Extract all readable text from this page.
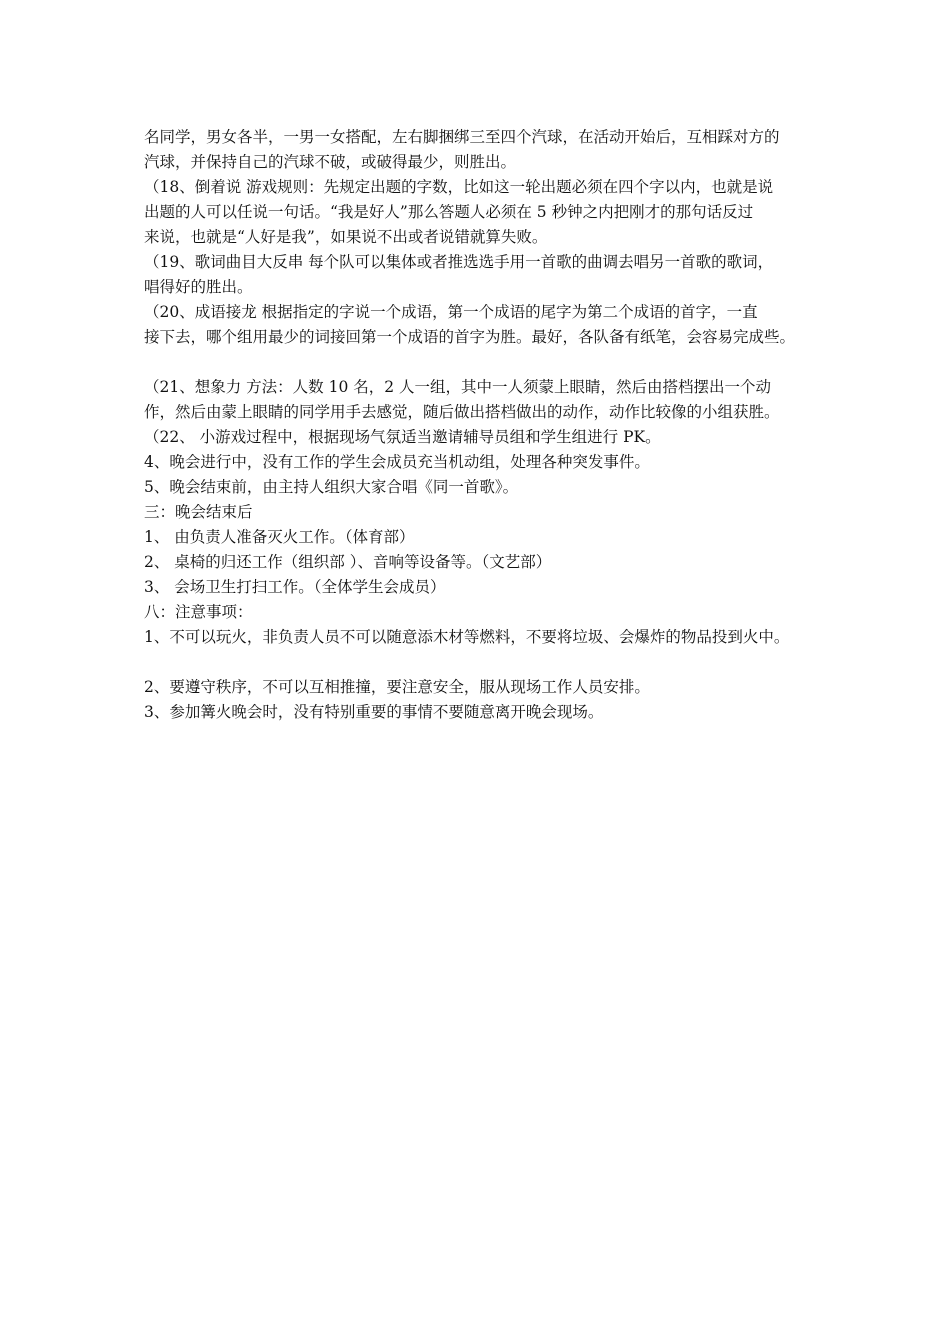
名同学，男女各半，一男一女搭配，左右脚捆绑三至四个汽球，在活动开始后，互相踩对方的
汽球，并保持自己的汽球不破，或破得最少，则胜出。
（18、倒着说 游戏规则：先规定出题的字数，比如这一轮出题必须在四个字以内，也就是说
出题的人可以任说一句话。“我是好人”那么答题人必须在 5 秒钟之内把刚才的那句话反过
来说，也就是“人好是我”，如果说不出或者说错就算失败。
（19、歌词曲目大反串 每个队可以集体或者推选选手用一首歌的曲调去唱另一首歌的歌词，
唱得好的胜出。
（20、成语接龙 根据指定的字说一个成语，第一个成语的尾字为第二个成语的首字，一直
接下去，哪个组用最少的词接回第一个成语的首字为胜。最好，各队备有纸笔，会容易完成些。
（21、想象力 方法：人数 10 名，2 人一组，其中一人须蒙上眼睛，然后由搭档摆出一个动
作，然后由蒙上眼睛的同学用手去感觉，随后做出搭档做出的动作，动作比较像的小组获胜。
（22、 小游戏过程中，根据现场气氛适当邀请辅导员组和学生组进行 PK。
4、晚会进行中，没有工作的学生会成员充当机动组，处理各种突发事件。
5、晚会结束前，由主持人组织大家合唱《同一首歌》。
三：晚会结束后
1、 由负责人准备灭火工作。（体育部）
2、 桌椅的归还工作（组织部 ）、音响等设备等。（文艺部）
3、 会场卫生打扫工作。（全体学生会成员）
八：注意事项：
1、不可以玩火，非负责人员不可以随意添木材等燃料，不要将垃圾、会爆炸的物品投到火中。
2、要遵守秩序，不可以互相推撞，要注意安全，服从现场工作人员安排。
3、参加篝火晚会时，没有特别重要的事情不要随意离开晚会现场。
